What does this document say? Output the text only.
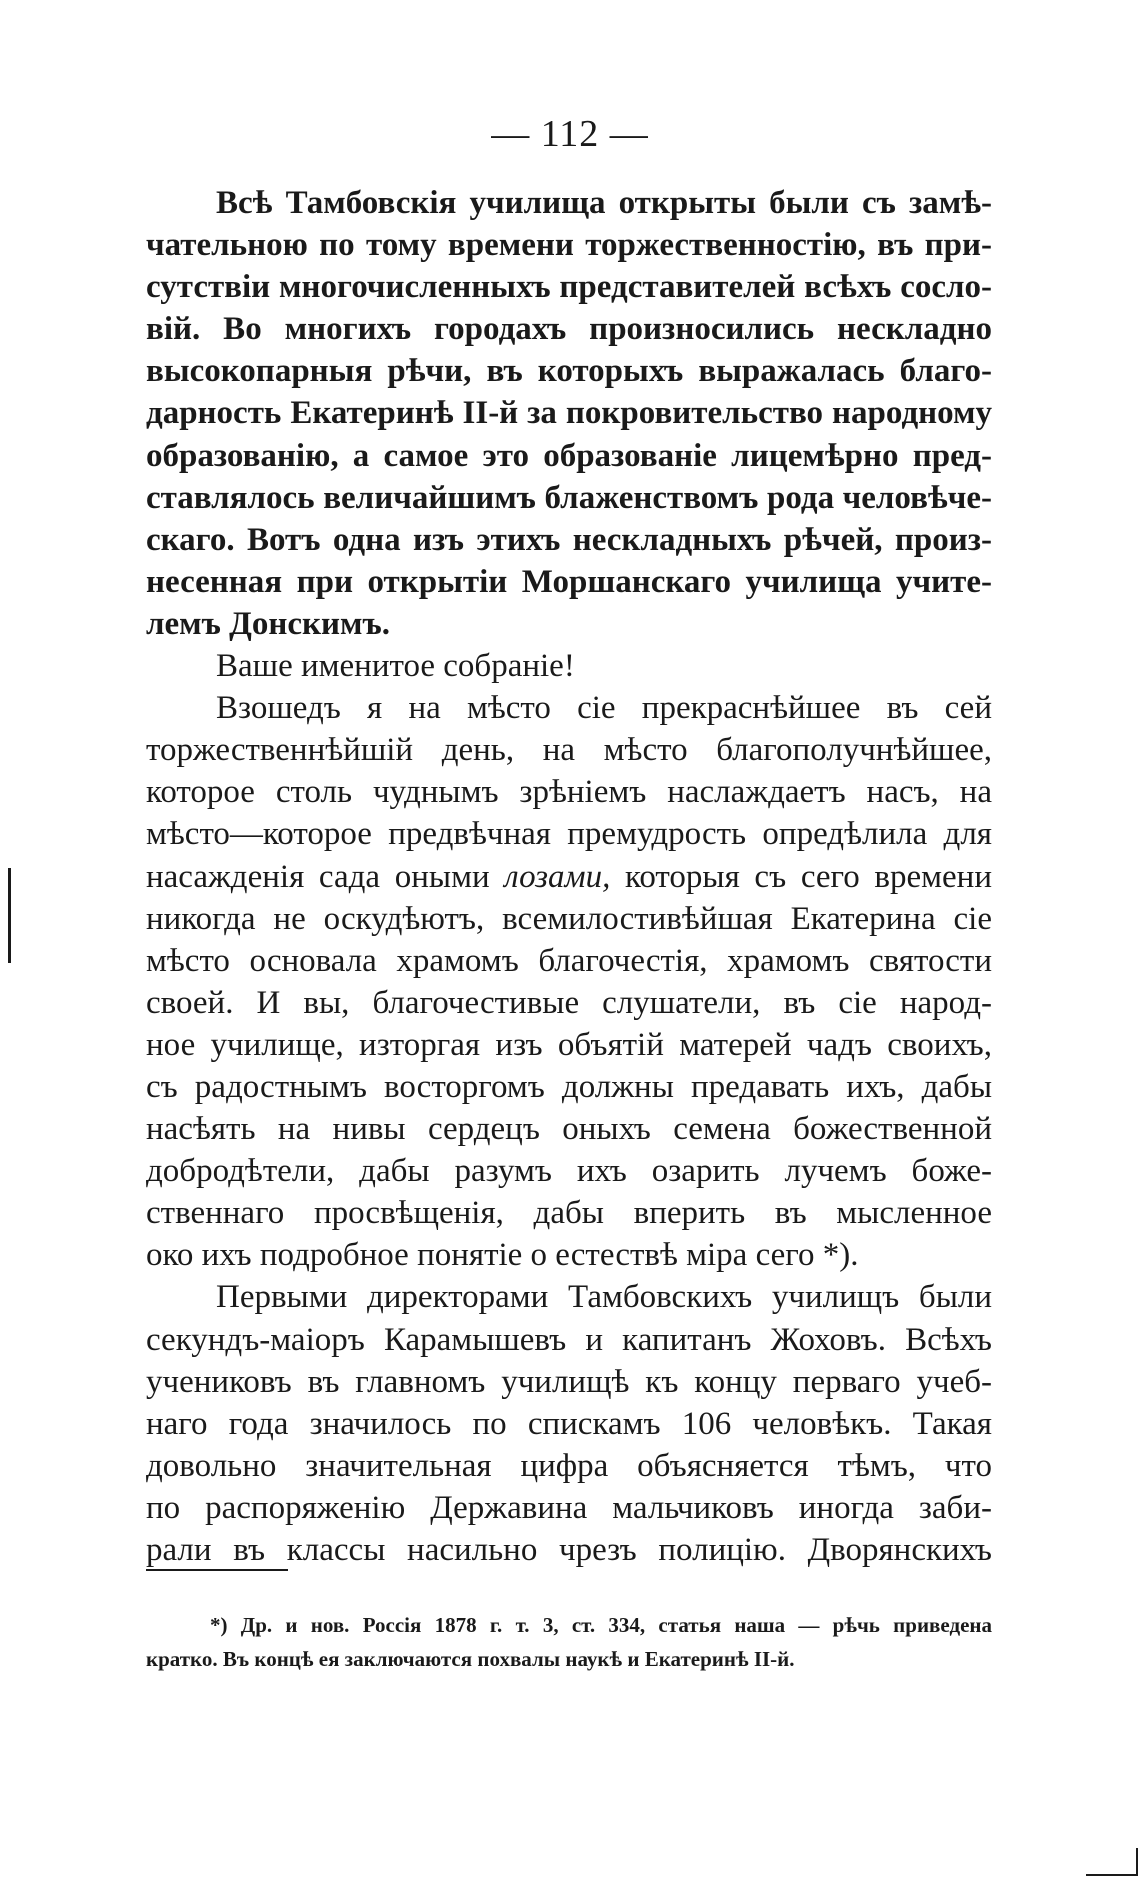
— 112 —
Всѣ Тамбовскія училища открыты были съ замѣ-
чательною по тому времени торжественностію, въ при-
сутствіи многочисленныхъ представителей всѣхъ сосло-
вій. Во многихъ городахъ произносились нескладно
высокопарныя рѣчи, въ которыхъ выражалась благо-
дарность Екатеринѣ II-й за покровительство народному
образованію, а самое это образованіе лицемѣрно пред-
ставлялось величайшимъ блаженствомъ рода человѣче-
скаго. Вотъ одна изъ этихъ нескладныхъ рѣчей, произ-
несенная при открытіи Моршанскаго училища учите-
лемъ Донскимъ.
Ваше именитое собраніе!
Взошедъ я на мѣсто сіе прекраснѣйшее въ сей
торжественнѣйшій день, на мѣсто благополучнѣйшее,
которое столь чуднымъ зрѣніемъ наслаждаетъ насъ, на
мѣсто—которое предвѣчная премудрость опредѣлила для
насажденія сада оными лозами, которыя съ сего времени
никогда не оскудѣютъ, всемилостивѣйшая Екатерина сіе
мѣсто основала храмомъ благочестія, храмомъ святости
своей. И вы, благочестивые слушатели, въ сіе народ-
ное училище, изторгая изъ объятій матерей чадъ своихъ,
съ радостнымъ восторгомъ должны предавать ихъ, дабы
насѣять на нивы сердецъ оныхъ семена божественной
добродѣтели, дабы разумъ ихъ озарить лучемъ боже-
ственнаго просвѣщенія, дабы вперить въ мысленное
око ихъ подробное понятіе о естествѣ міра сего *).
Первыми директорами Тамбовскихъ училищъ были
секундъ-маіоръ Карамышевъ и капитанъ Жоховъ. Всѣхъ
учениковъ въ главномъ училищѣ къ концу перваго учеб-
наго года значилось по спискамъ 106 человѣкъ. Такая
довольно значительная цифра объясняется тѣмъ, что
по распоряженію Державина мальчиковъ иногда заби-
рали въ классы насильно чрезъ полицію. Дворянскихъ
*) Др. и нов. Россія 1878 г. т. 3, ст. 334, статья наша — рѣчь приведена
кратко. Въ концѣ ея заключаются похвалы наукѣ и Екатеринѣ II-й.
